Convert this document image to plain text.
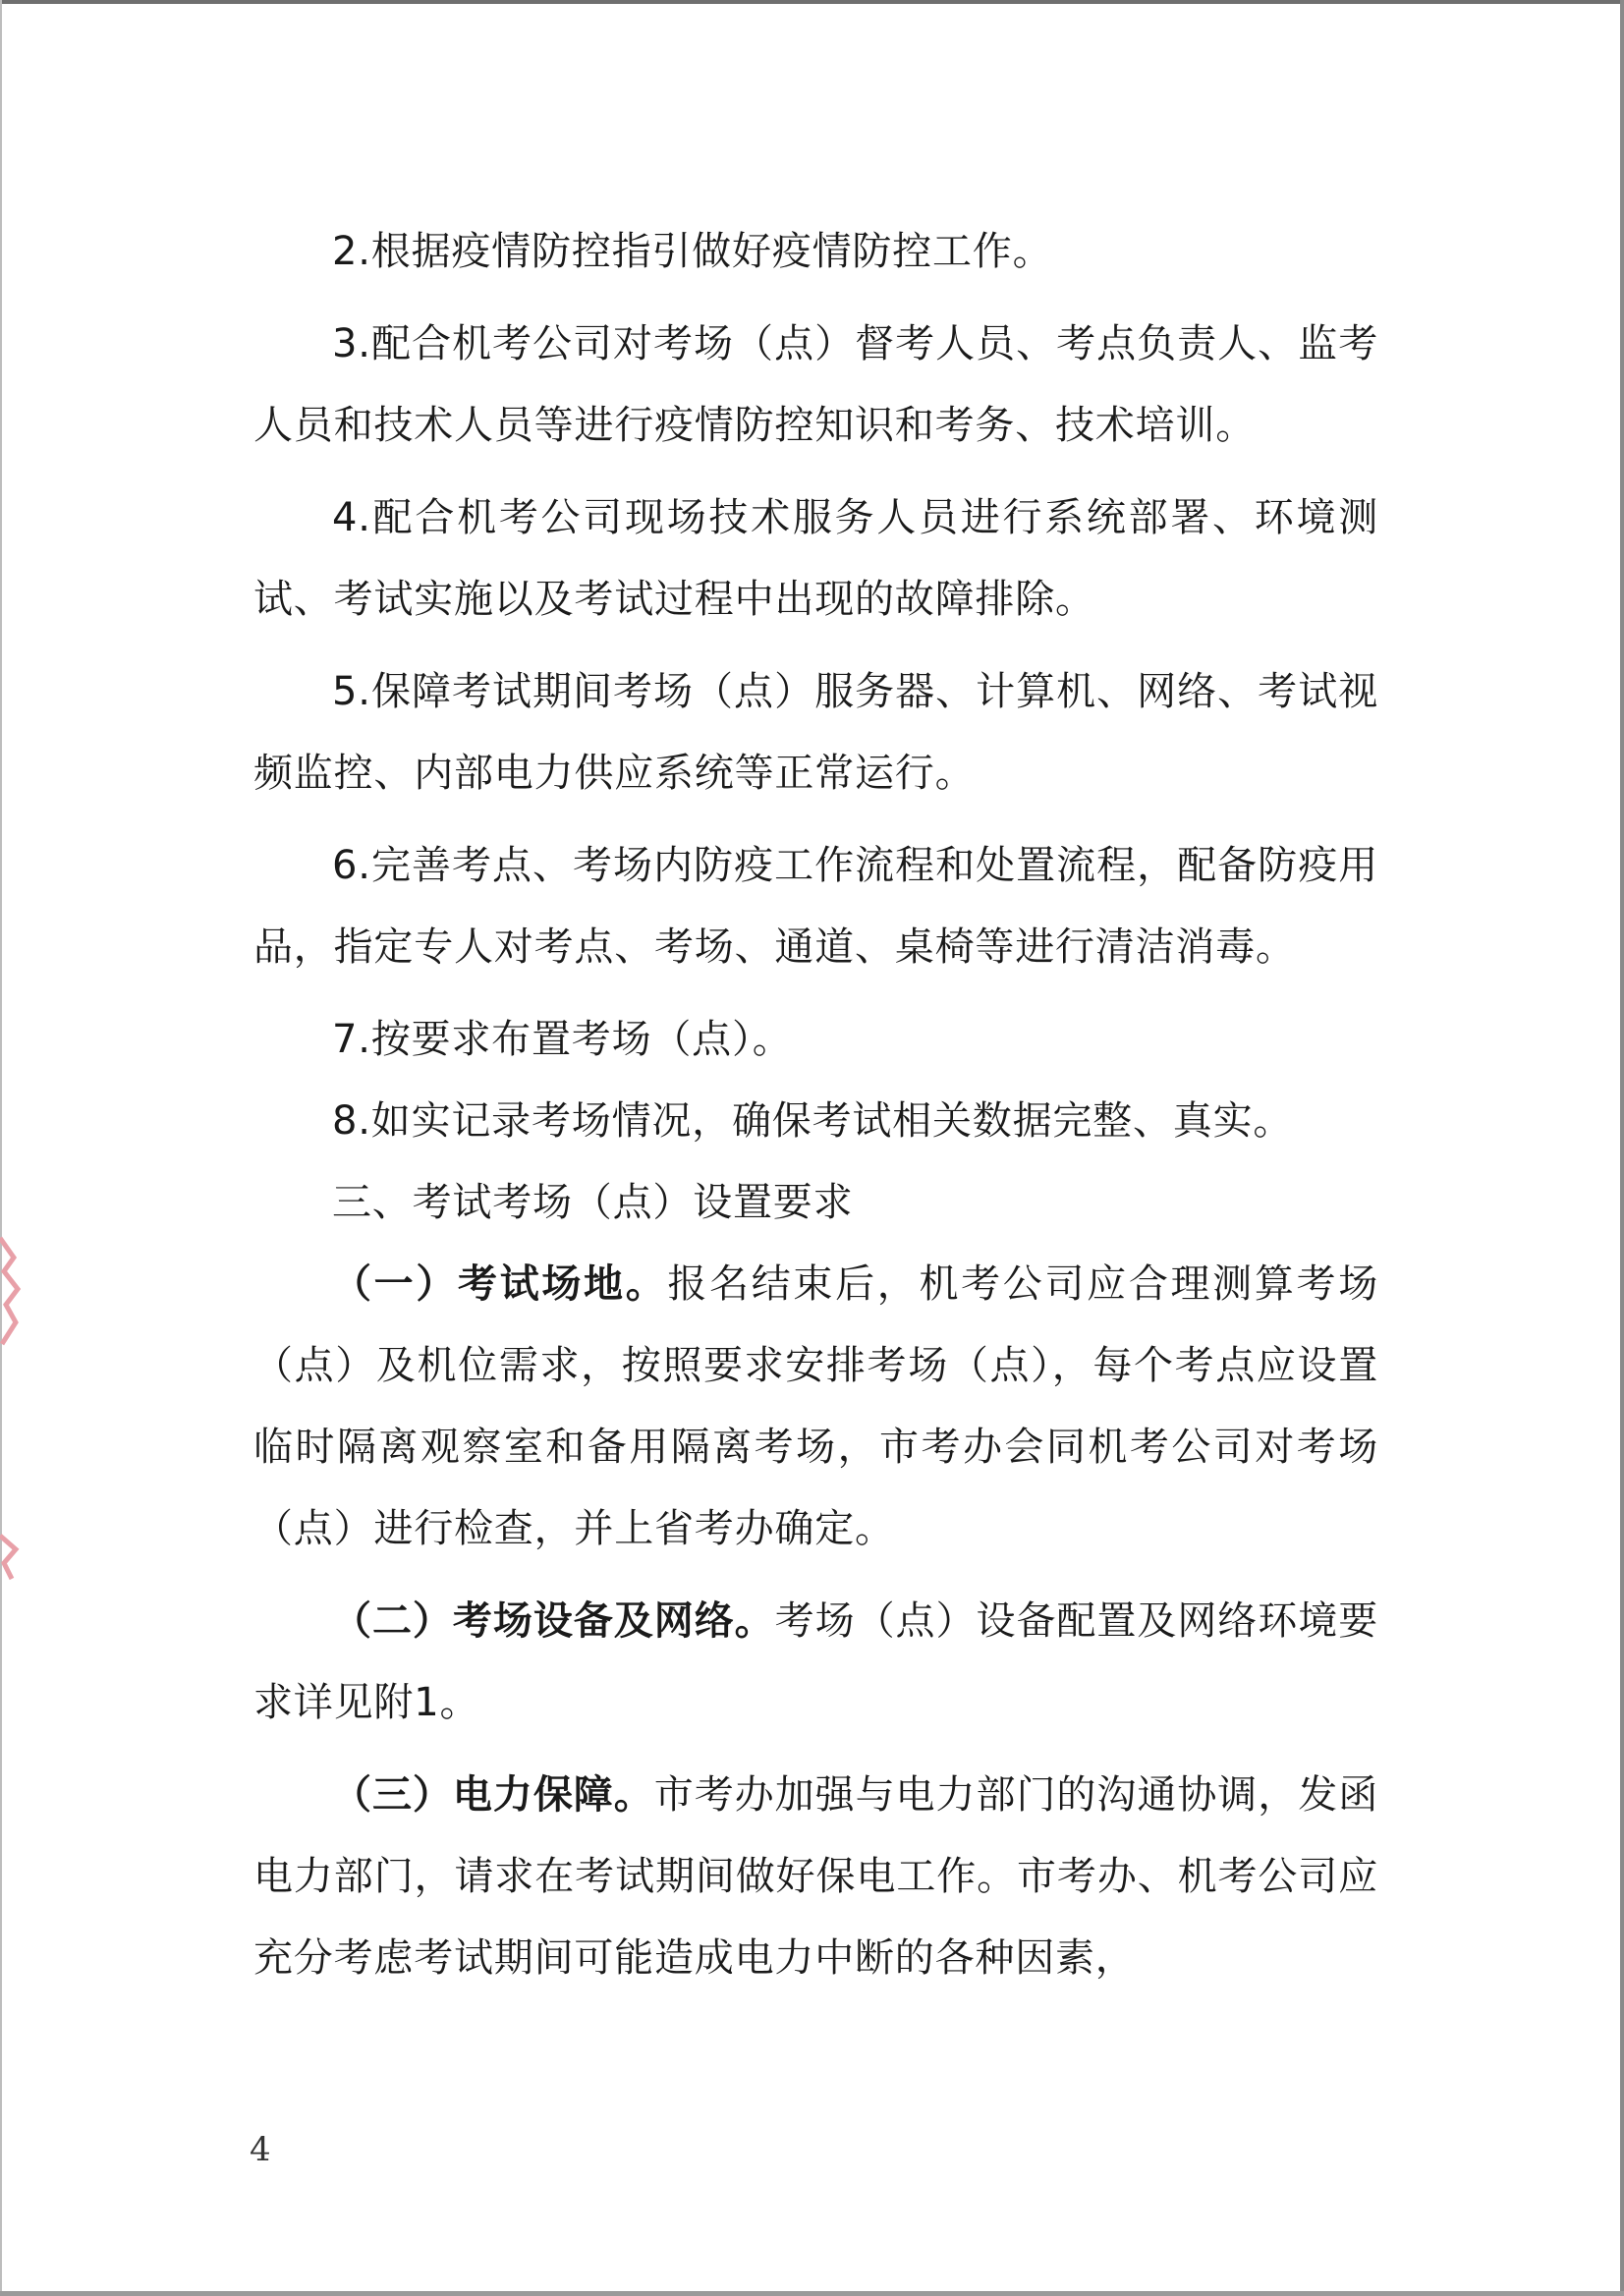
2.根据疫情防控指引做好疫情防控工作。

3.配合机考公司对考场（点）督考人员、考点负责人、监考人员和技术人员等进行疫情防控知识和考务、技术培训。

4.配合机考公司现场技术服务人员进行系统部署、环境测试、考试实施以及考试过程中出现的故障排除。

5.保障考试期间考场（点）服务器、计算机、网络、考试视频监控、内部电力供应系统等正常运行。

6.完善考点、考场内防疫工作流程和处置流程，配备防疫用品，指定专人对考点、考场、通道、桌椅等进行清洁消毒。

7.按要求布置考场（点）。

8.如实记录考场情况，确保考试相关数据完整、真实。

三、考试考场（点）设置要求

（一）考试场地。报名结束后，机考公司应合理测算考场（点）及机位需求，按照要求安排考场（点），每个考点应设置临时隔离观察室和备用隔离考场，市考办会同机考公司对考场（点）进行检查，并上省考办确定。

（二）考场设备及网络。考场（点）设备配置及网络环境要求详见附1。

（三）电力保障。市考办加强与电力部门的沟通协调，发函电力部门，请求在考试期间做好保电工作。市考办、机考公司应充分考虑考试期间可能造成电力中断的各种因素，

4
